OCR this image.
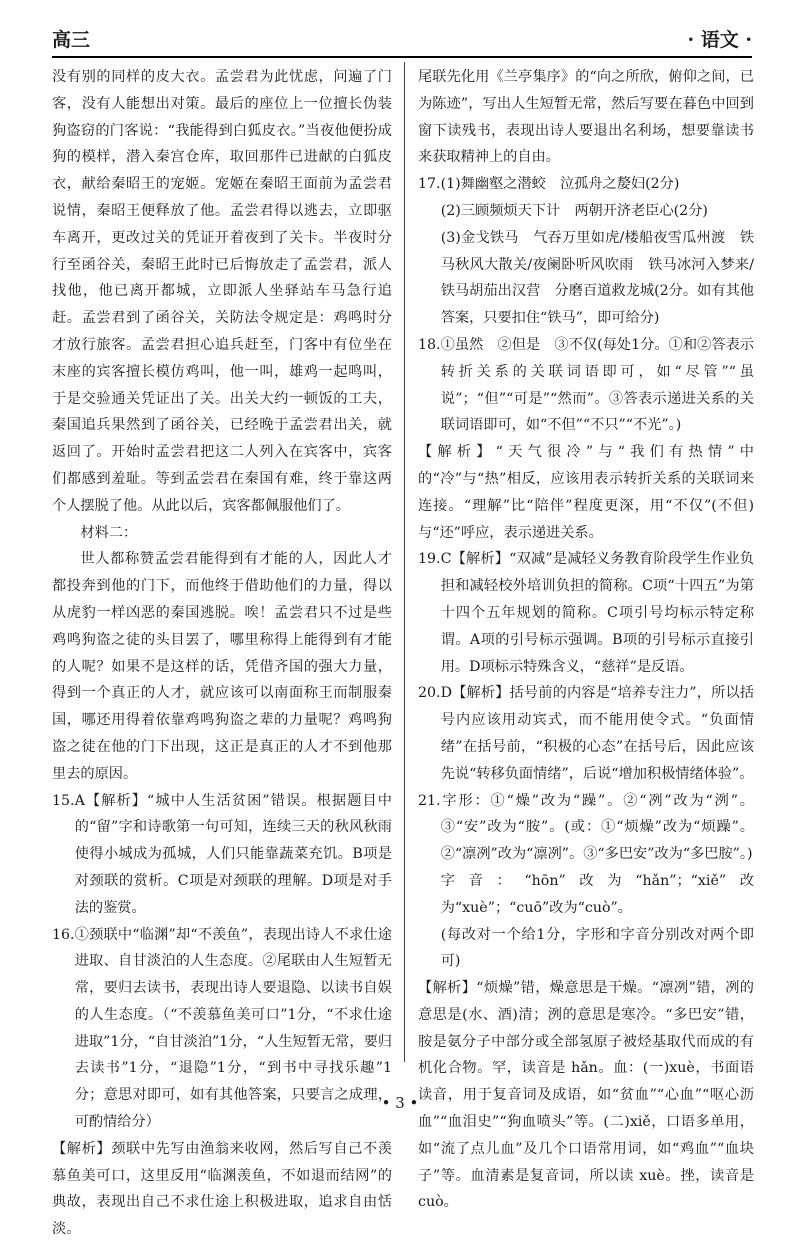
高三	· 语文 ·

没有别的同样的皮大衣。孟尝君为此忧虑，问遍了门客，没有人能想出对策。最后的座位上一位擅长伪装狗盗窃的门客说：“我能得到白狐皮衣。”当夜他便扮成狗的模样，潜入秦宫仓库，取回那件已进献的白狐皮衣，献给秦昭王的宠姬。宠姬在秦昭王面前为孟尝君说情，秦昭王便释放了他。孟尝君得以逃去，立即驱车离开，更改过关的凭证开着夜到了关卡。半夜时分行至函谷关，秦昭王此时已后悔放走了孟尝君，派人找他，他已离开都城，立即派人坐驿站车马急行追赶。孟尝君到了函谷关，关防法令规定是：鸡鸣时分才放行旅客。孟尝君担心追兵赶至，门客中有位坐在末座的宾客擅长模仿鸡叫，他一叫，雄鸡一起鸣叫，于是交验通关凭证出了关。出关大约一顿饭的工夫，秦国追兵果然到了函谷关，已经晚于孟尝君出关，就返回了。开始时孟尝君把这二人列入在宾客中，宾客们都感到羞耻。等到孟尝君在秦国有难，终于靠这两个人摆脱了他。从此以后，宾客都佩服他们了。

材料二：

世人都称赞孟尝君能得到有才能的人，因此人才都投奔到他的门下，而他终于借助他们的力量，得以从虎豹一样凶恶的秦国逃脱。唉！孟尝君只不过是些鸡鸣狗盗之徒的头目罢了，哪里称得上能得到有才能的人呢？如果不是这样的话，凭借齐国的强大力量，得到一个真正的人才，就应该可以南面称王而制服秦国，哪还用得着依靠鸡鸣狗盗之辈的力量呢？鸡鸣狗盗之徒在他的门下出现，这正是真正的人才不到他那里去的原因。

15.A【解析】“城中人生活贫困”错误。根据题目中的“留”字和诗歌第一句可知，连续三天的秋风秋雨使得小城成为孤城，人们只能靠蔬菜充饥。B项是对颈联的赏析。C项是对颈联的理解。D项是对手法的鉴赏。

16.①颈联中“临渊”却“不羡鱼”，表现出诗人不求仕途进取、自甘淡泊的人生态度。②尾联由人生短暂无常，要归去读书，表现出诗人要退隐、以读书自娱的人生态度。（“不羡慕鱼美可口”1分，“不求仕途进取”1分，“自甘淡泊”1分，“人生短暂无常，要归去读书”1分，“退隐”1分，“到书中寻找乐趣”1分；意思对即可，如有其他答案，只要言之成理，可酌情给分）

【解析】颈联中先写由渔翁来收网，然后写自己不羡慕鱼美可口，这里反用“临渊羡鱼，不如退而结网”的典故，表现出自己不求仕途上积极进取，追求自由恬淡。

尾联先化用《兰亭集序》的“向之所欣，俯仰之间，已为陈迹”，写出人生短暂无常，然后写要在暮色中回到窗下读残书，表现出诗人要退出名利场，想要靠读书来获取精神上的自由。

17.(1)舞幽壑之潜蛟　泣孤舟之嫠妇(2分)

(2)三顾频烦天下计　两朝开济老臣心(2分)

(3)金戈铁马　气吞万里如虎/楼船夜雪瓜州渡　铁马秋风大散关/夜阑卧听风吹雨　铁马冰河入梦来/铁马胡茄出汉营　分磨百道救龙城(2分。如有其他答案，只要扣住“铁马”，即可给分)

18.①虽然　②但是　③不仅(每处1分。①和②答表示转折关系的关联词语即可，如“尽管”“虽说”；“但”“可是”“然而”。③答表示递进关系的关联词语即可，如“不但”“不只”“不光”。)

【解析】“天气很冷”与“我们有热情”中的“冷”与“热”相反，应该用表示转折关系的关联词来连接。“理解”比“陪伴”程度更深，用“不仅”(不但)与“还”呼应，表示递进关系。

19.C【解析】“双减”是减轻义务教育阶段学生作业负担和减轻校外培训负担的简称。C项“十四五”为第十四个五年规划的简称。C项引号均标示特定称谓。A项的引号标示强调。B项的引号标示直接引用。D项标示特殊含义，“慈祥”是反语。

20.D【解析】括号前的内容是“培养专注力”，所以括号内应该用动宾式，而不能用使令式。“负面情绪”在括号前，“积极的心态”在括号后，因此应该先说“转移负面情绪”，后说“增加积极情绪体验”。

21.字形：①“燥”改为“躁”。②“冽”改为“洌”。③“安”改为“胺”。(或：①“烦燥”改为“烦躁”。②“凛冽”改为“凛冽”。③“多巴安”改为“多巴胺”。)

字音：“hōn”改为“hǎn”；“xiě”改为“xuè”；“cuō”改为“cuò”。

(每改对一个给1分，字形和字音分别改对两个即可)

【解析】“烦燥”错，燥意思是干燥。“凛冽”错，冽的意思是(水、酒)清；洌的意思是寒冷。“多巴安”错，胺是氨分子中部分或全部氢原子被烃基取代而成的有机化合物。罕，读音是 hǎn。血：(一)xuè，书面语读音，用于复音词及成语，如“贫血”“心血”“呕心沥血”“血泪史”“狗血喷头”等。(二)xiě，口语多单用，如“流了点儿血”及几个口语常用词，如“鸡血”“血块子”等。血清素是复音词，所以读 xuè。挫，读音是 cuò。

• 3 •
